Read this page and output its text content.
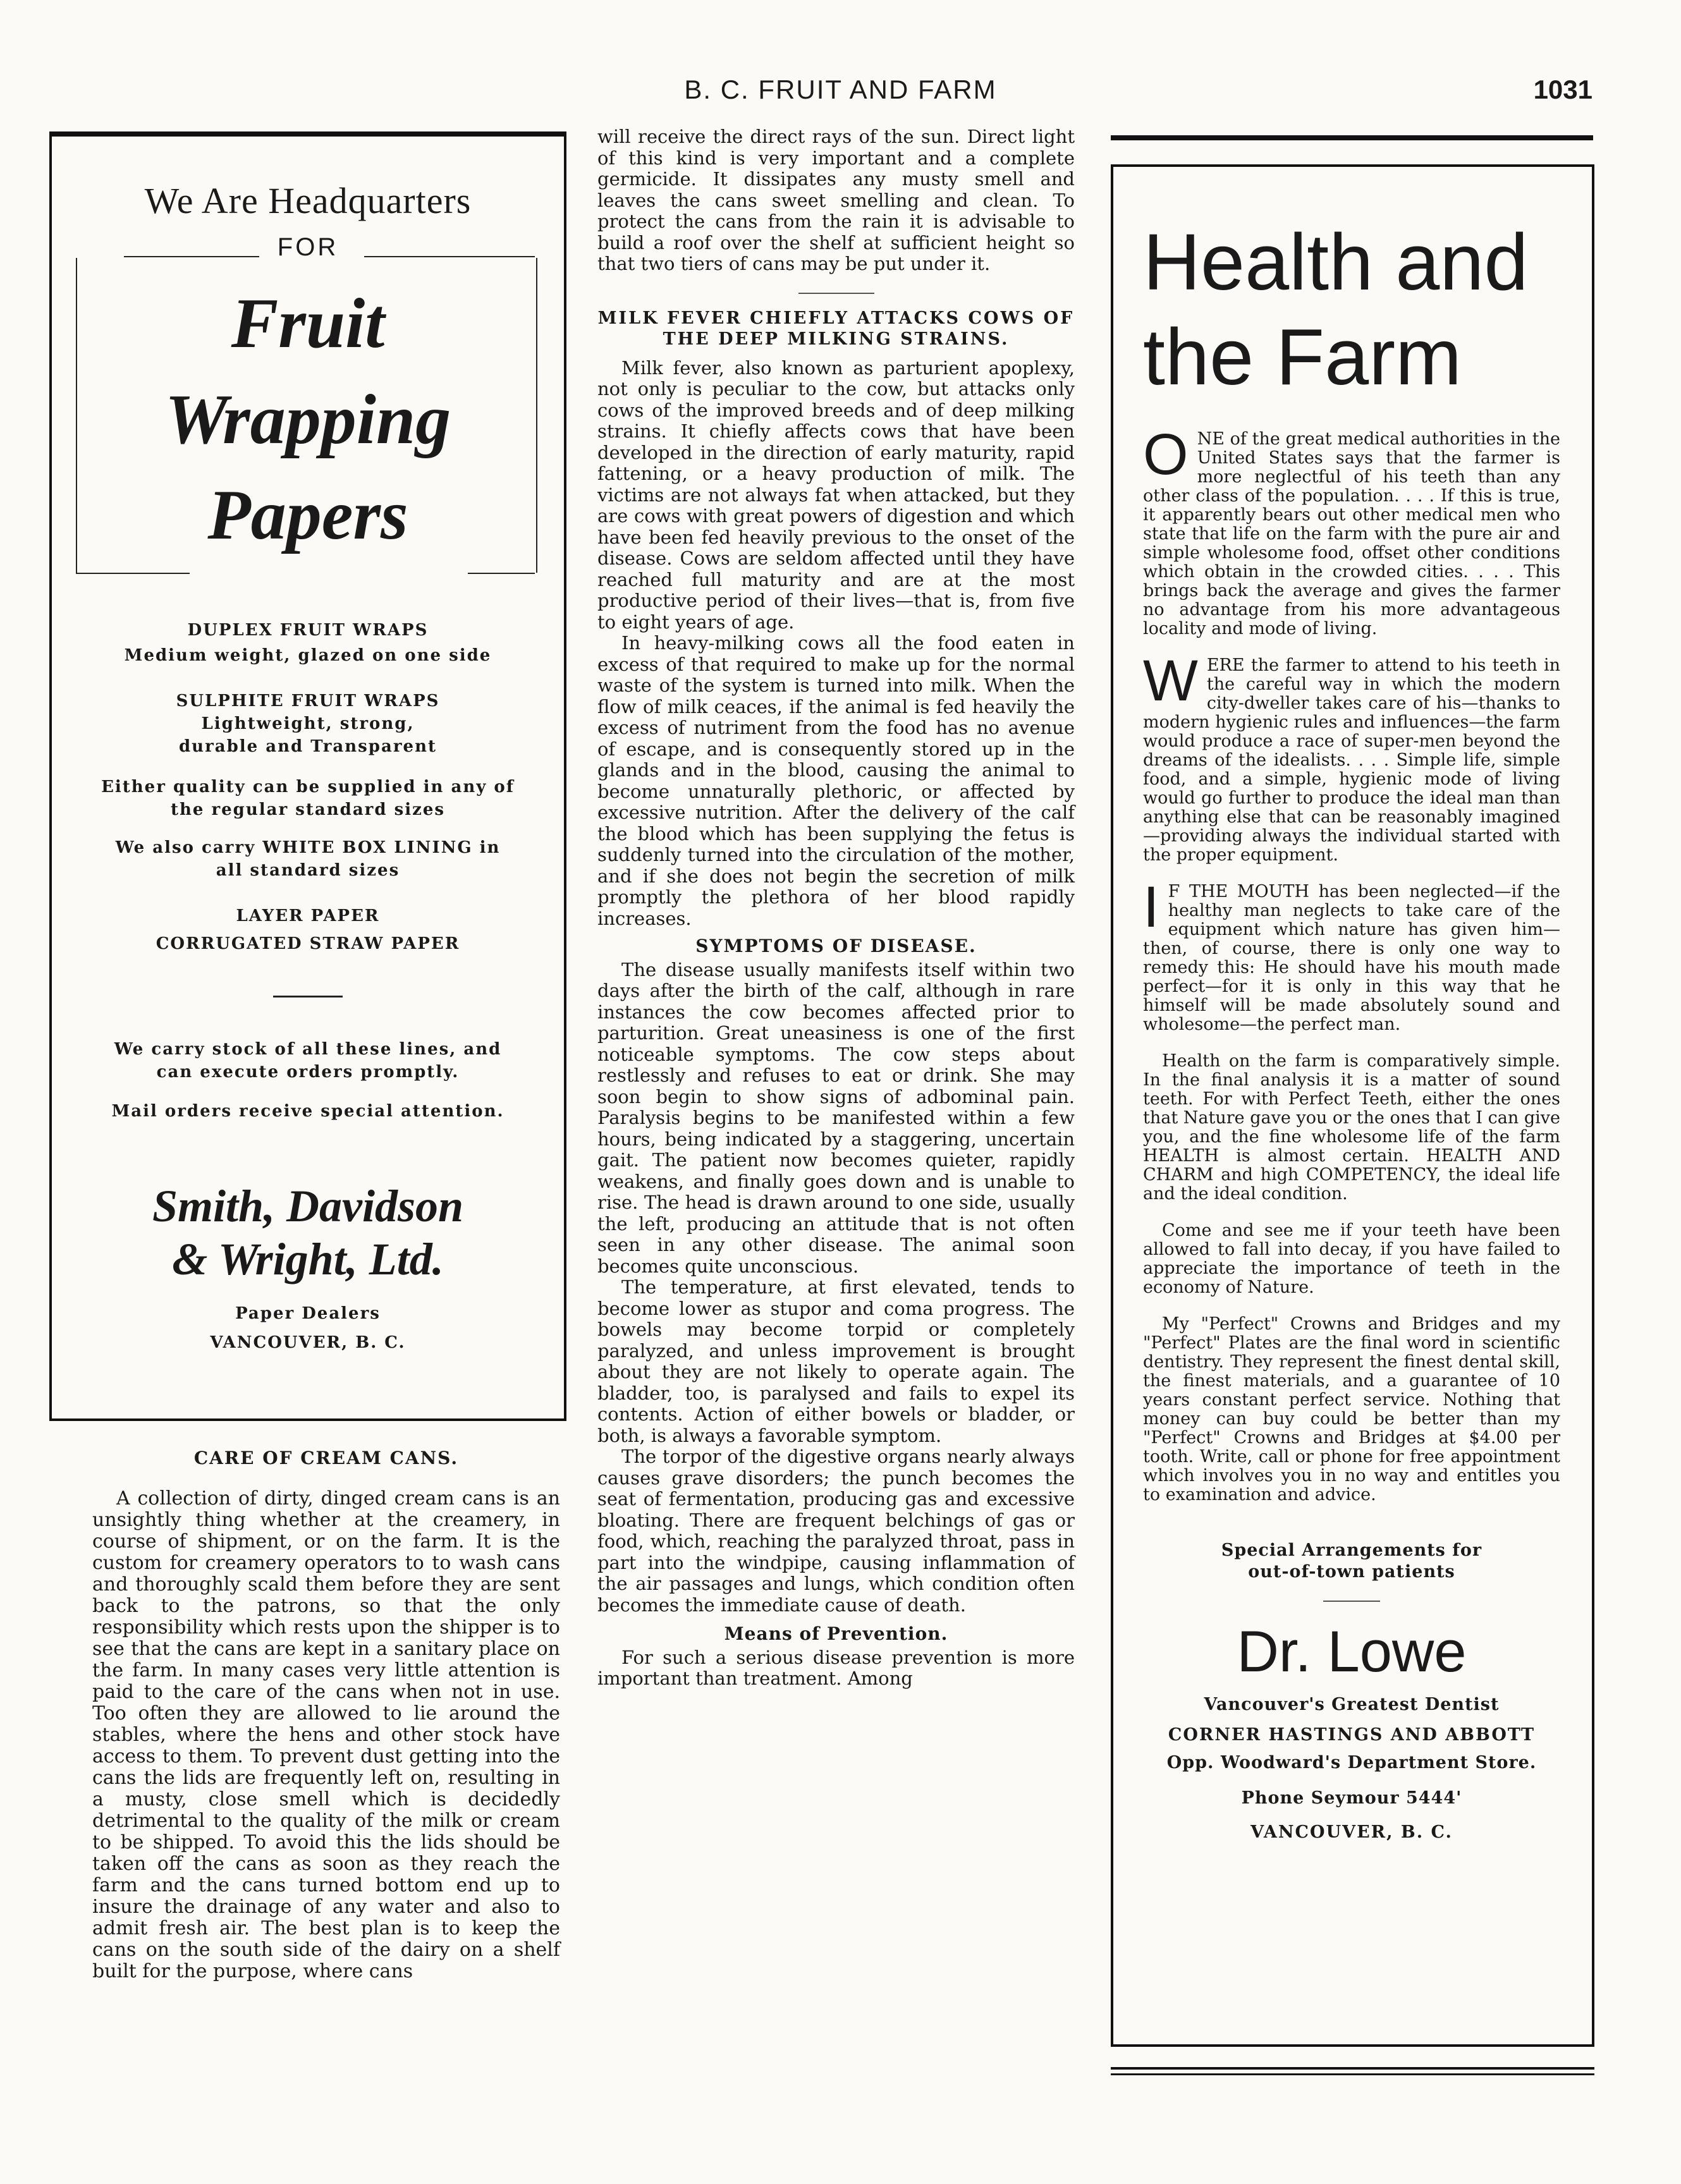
B. C. FRUIT AND FARM	1031
We Are Headquarters
FOR
Fruit
Wrapping
Papers
DUPLEX FRUIT WRAPS
Medium weight, glazed on one side
SULPHITE FRUIT WRAPS
Lightweight, strong, durable and Transparent
Either quality can be supplied in any of the regular standard sizes
We also carry WHITE BOX LINING in all standard sizes
LAYER PAPER
CORRUGATED STRAW PAPER
We carry stock of all these lines, and can execute orders promptly.
Mail orders receive special attention.
Smith, Davidson
& Wright, Ltd.
Paper Dealers
VANCOUVER, B. C.
CARE OF CREAM CANS.

A collection of dirty, dinged cream cans is an unsightly thing whether at the creamery, in course of shipment, or on the farm. It is the custom for creamery operators to to wash cans and thoroughly scald them before they are sent back to the patrons, so that the only responsibility which rests upon the shipper is to see that the cans are kept in a sanitary place on the farm. In many cases very little attention is paid to the care of the cans when not in use. Too often they are allowed to lie around the stables, where the hens and other stock have access to them. To prevent dust getting into the cans the lids are frequently left on, resulting in a musty, close smell which is decidedly detrimental to the quality of the milk or cream to be shipped. To avoid this the lids should be taken off the cans as soon as they reach the farm and the cans turned bottom end up to insure the drainage of any water and also to admit fresh air. The best plan is to keep the cans on the south side of the dairy on a shelf built for the purpose, where cans

will receive the direct rays of the sun. Direct light of this kind is very important and a complete germicide. It dissipates any musty smell and leaves the cans sweet smelling and clean. To protect the cans from the rain it is advisable to build a roof over the shelf at sufficient height so that two tiers of cans may be put under it.

MILK FEVER CHIEFLY ATTACKS COWS OF THE DEEP MILKING STRAINS.

Milk fever, also known as parturient apoplexy, not only is peculiar to the cow, but attacks only cows of the improved breeds and of deep milking strains. It chiefly affects cows that have been developed in the direction of early maturity, rapid fattening, or a heavy production of milk. The victims are not always fat when attacked, but they are cows with great powers of digestion and which have been fed heavily previous to the onset of the disease. Cows are seldom affected until they have reached full maturity and are at the most productive period of their lives—that is, from five to eight years of age.

In heavy-milking cows all the food eaten in excess of that required to make up for the normal waste of the system is turned into milk. When the flow of milk ceaces, if the animal is fed heavily the excess of nutriment from the food has no avenue of escape, and is consequently stored up in the glands and in the blood, causing the animal to become unnaturally plethoric, or affected by excessive nutrition. After the delivery of the calf the blood which has been supplying the fetus is suddenly turned into the circulation of the mother, and if she does not begin the secretion of milk promptly the plethora of her blood rapidly increases.

SYMPTOMS OF DISEASE.

The disease usually manifests itself within two days after the birth of the calf, although in rare instances the cow becomes affected prior to parturition. Great uneasiness is one of the first noticeable symptoms. The cow steps about restlessly and refuses to eat or drink. She may soon begin to show signs of adbominal pain. Paralysis begins to be manifested within a few hours, being indicated by a staggering, uncertain gait. The patient now becomes quieter, rapidly weakens, and finally goes down and is unable to rise. The head is drawn around to one side, usually the left, producing an attitude that is not often seen in any other disease. The animal soon becomes quite unconscious.

The temperature, at first elevated, tends to become lower as stupor and coma progress. The bowels may become torpid or completely paralyzed, and unless improvement is brought about they are not likely to operate again. The bladder, too, is paralysed and fails to expel its contents. Action of either bowels or bladder, or both, is always a favorable symptom.

The torpor of the digestive organs nearly always causes grave disorders; the punch becomes the seat of fermentation, producing gas and excessive bloating. There are frequent belchings of gas or food, which, reaching the paralyzed throat, pass in part into the windpipe, causing inflammation of the air passages and lungs, which condition often becomes the immediate cause of death.

Means of Prevention.

For such a serious disease prevention is more important than treatment. Among

Health and
the Farm

ONE of the great medical authorities in the United States says that the farmer is more neglectful of his teeth than any other class of the population. . . . If this is true, it apparently bears out other medical men who state that life on the farm with the pure air and simple wholesome food, offset other conditions which obtain in the crowded cities. . . . This brings back the average and gives the farmer no advantage from his more advantageous locality and mode of living.

WERE the farmer to attend to his teeth in the careful way in which the modern city-dweller takes care of his—thanks to modern hygienic rules and influences—the farm would produce a race of super-men beyond the dreams of the idealists. . . . Simple life, simple food, and a simple, hygienic mode of living would go further to produce the ideal man than anything else that can be reasonably imagined—providing always the individual started with the proper equipment.

I F THE MOUTH has been neglected—if the healthy man neglects to take care of the equipment which nature has given him—then, of course, there is only one way to remedy this: He should have his mouth made perfect—for it is only in this way that he himself will be made absolutely sound and wholesome—the perfect man.

Health on the farm is comparatively simple. In the final analysis it is a matter of sound teeth. For with Perfect Teeth, either the ones that Nature gave you or the ones that I can give you, and the fine wholesome life of the farm HEALTH is almost certain. HEALTH AND CHARM and high COMPETENCY, the ideal life and the ideal condition.

Come and see me if your teeth have been allowed to fall into decay, if you have failed to appreciate the importance of teeth in the economy of Nature.

My "Perfect" Crowns and Bridges and my "Perfect" Plates are the final word in scientific dentistry. They represent the finest dental skill, the finest materials, and a guarantee of 10 years constant perfect service. Nothing that money can buy could be better than my "Perfect" Crowns and Bridges at $4.00 per tooth. Write, call or phone for free appointment which involves you in no way and entitles you to examination and advice.

Special Arrangements for out-of-town patients
Dr. Lowe
Vancouver's Greatest Dentist
CORNER HASTINGS AND ABBOTT
Opp. Woodward's Department Store.
Phone Seymour 5444'
VANCOUVER, B. C.
